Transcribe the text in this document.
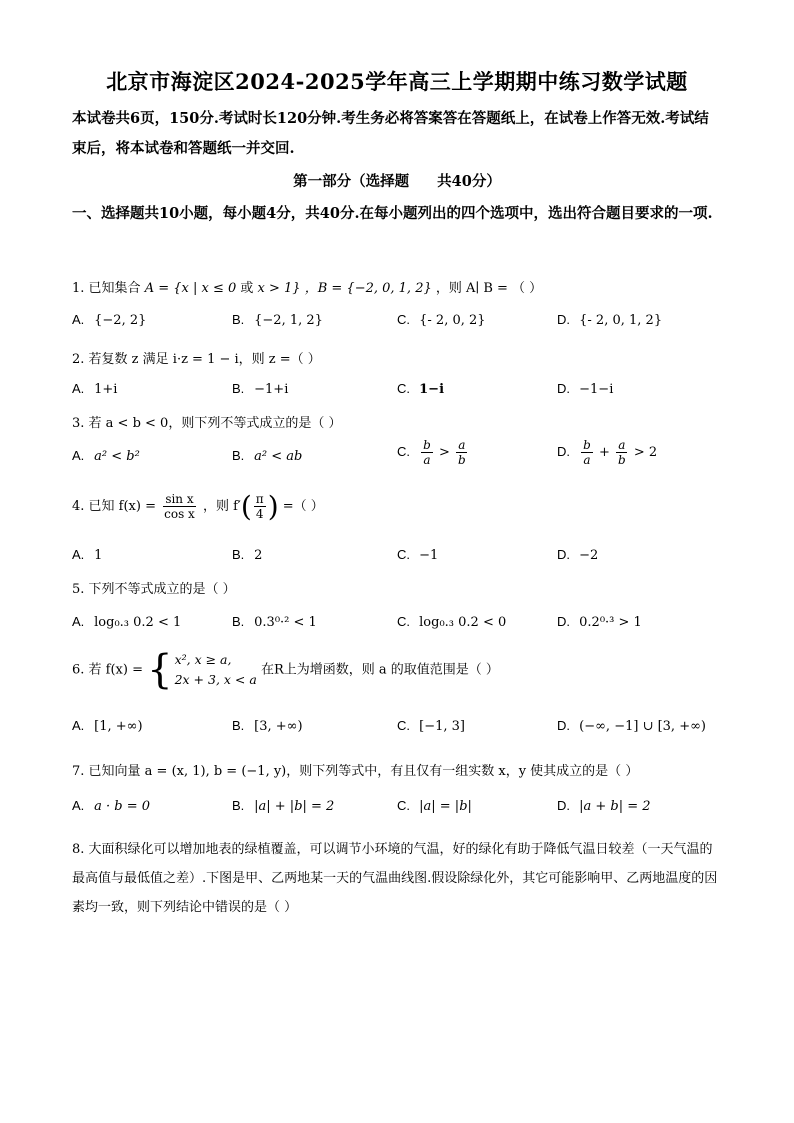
北京市海淀区2024-2025学年高三上学期期中练习数学试题
本试卷共6页，150分.考试时长120分钟.考生务必将答案答在答题纸上，在试卷上作答无效.考试结束后，将本试卷和答题纸一并交回.
第一部分（选择题 共40分）
一、选择题共10小题，每小题4分，共40分.在每小题列出的四个选项中，选出符合题目要求的一项.
1. 已知集合 A = {x | x ≤ 0 或 x > 1} ，B = {−2, 0, 1, 2} ，则 A∣ B = （ ）
A. {−2, 2}	B. {−2, 1, 2}	C. {- 2, 0, 2}	D. {- 2, 0, 1, 2}
2. 若复数 z 满足 i·z = 1 − i，则 z =（ ）
A. 1+i	B. −1+i	C. 1−i	D. −1−i
3. 若 a < b < 0，则下列不等式成立的是（ ）
A. a² < b²	B. a² < ab	C. $\frac{b}{a} > \frac{a}{b}$	D. $\frac{b}{a} + \frac{a}{b} > 2$
4. 已知 $f(x) = \frac{\text{sin x}}{\text{cos x}}$ ，则 $f'( \frac{\pi}{4}$ ) =（ ）
A. 1	B. 2	C. −1	D. −2
5. 下列不等式成立的是（ ）
A. log₀.₃ 0.2 < 1	B. 0.3⁰·² < 1	C. log₀.₃ 0.2 < 0	D. 0.2⁰·³ > 1
6. 若 f(x) = { x², x ≥ a,
2x + 3, x < a
在R上为增函数，则 a 的取值范围是（ ）
A. [1, +∞)	B. [3, +∞)	C. [−1, 3]	D. (−∞, −1] ∪ [3, +∞)
7. 已知向量 a = (x, 1), b = (−1, y)，则下列等式中，有且仅有一组实数 x，y 使其成立的是（ ）
A. a · b = 0	B. |a| + |b| = 2	C. |a| = |b|	D. |a + b| = 2
8. 大面积绿化可以增加地表的绿植覆盖，可以调节小环境的气温，好的绿化有助于降低气温日较差（一天气温的最高值与最低值之差）.下图是甲、乙两地某一天的气温曲线图.假设除绿化外，其它可能影响甲、乙两地温度的因素均一致，则下列结论中错误的是（ ）
